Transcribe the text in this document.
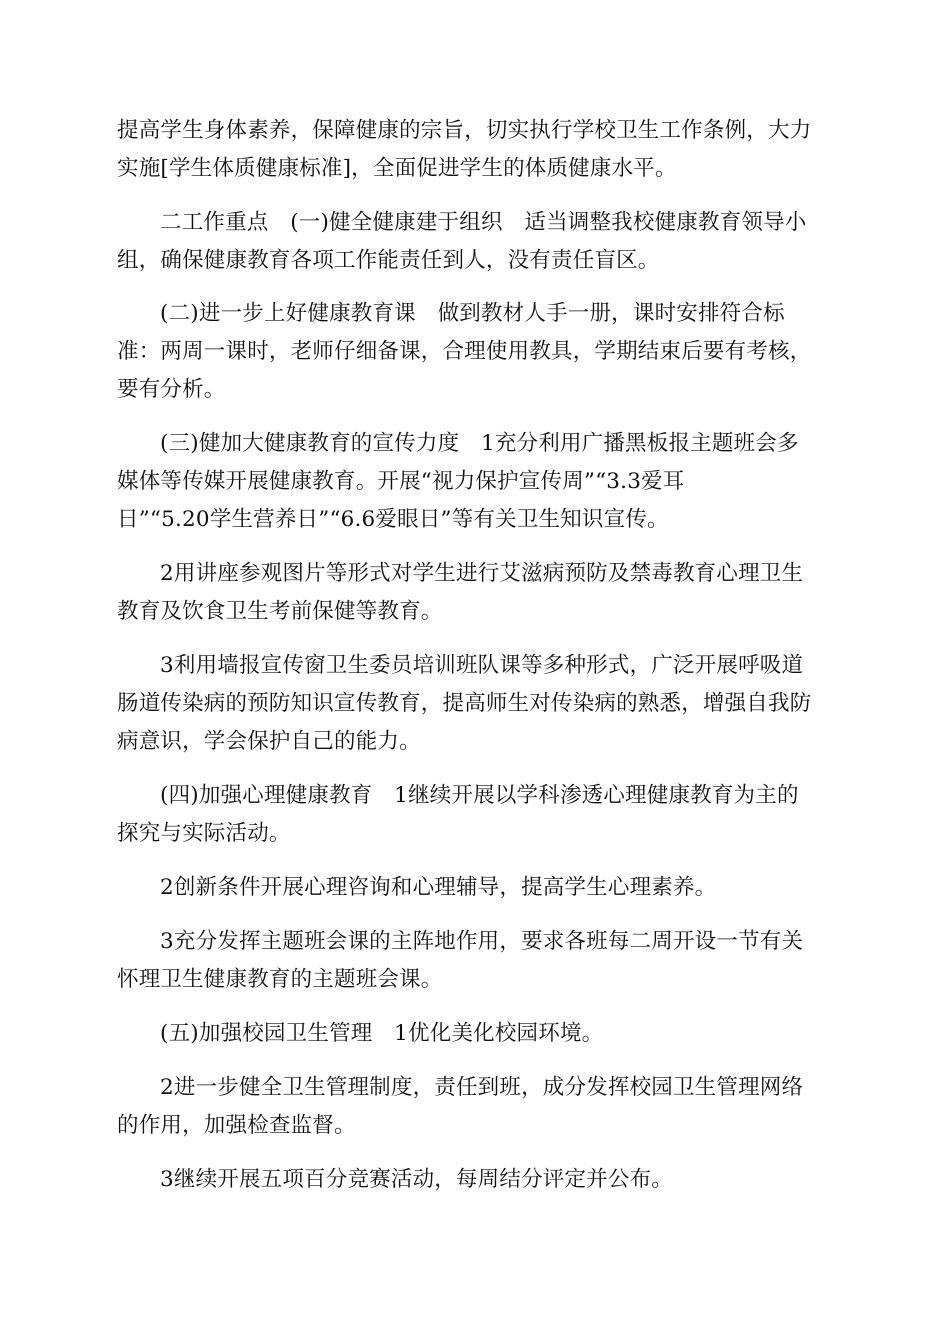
提高学生身体素养，保障健康的宗旨，切实执行学校卫生工作条例，大力
实施[学生体质健康标准]，全面促进学生的体质健康水平。

二工作重点　(一)健全健康建于组织　适当调整我校健康教育领导小
组，确保健康教育各项工作能责任到人，没有责任盲区。

(二)进一步上好健康教育课　做到教材人手一册，课时安排符合标
准：两周一课时，老师仔细备课，合理使用教具，学期结束后要有考核，
要有分析。

(三)健加大健康教育的宣传力度　1充分利用广播黑板报主题班会多
媒体等传媒开展健康教育。开展“视力保护宣传周”“3.3爱耳
日”“5.20学生营养日”“6.6爱眼日”等有关卫生知识宣传。

2用讲座参观图片等形式对学生进行艾滋病预防及禁毒教育心理卫生
教育及饮食卫生考前保健等教育。

3利用墙报宣传窗卫生委员培训班队课等多种形式，广泛开展呼吸道
肠道传染病的预防知识宣传教育，提高师生对传染病的熟悉，增强自我防
病意识，学会保护自己的能力。

(四)加强心理健康教育　1继续开展以学科渗透心理健康教育为主的
探究与实际活动。

2创新条件开展心理咨询和心理辅导，提高学生心理素养。

3充分发挥主题班会课的主阵地作用，要求各班每二周开设一节有关
怀理卫生健康教育的主题班会课。

(五)加强校园卫生管理　1优化美化校园环境。

2进一步健全卫生管理制度，责任到班，成分发挥校园卫生管理网络
的作用，加强检查监督。

3继续开展五项百分竞赛活动，每周结分评定并公布。
